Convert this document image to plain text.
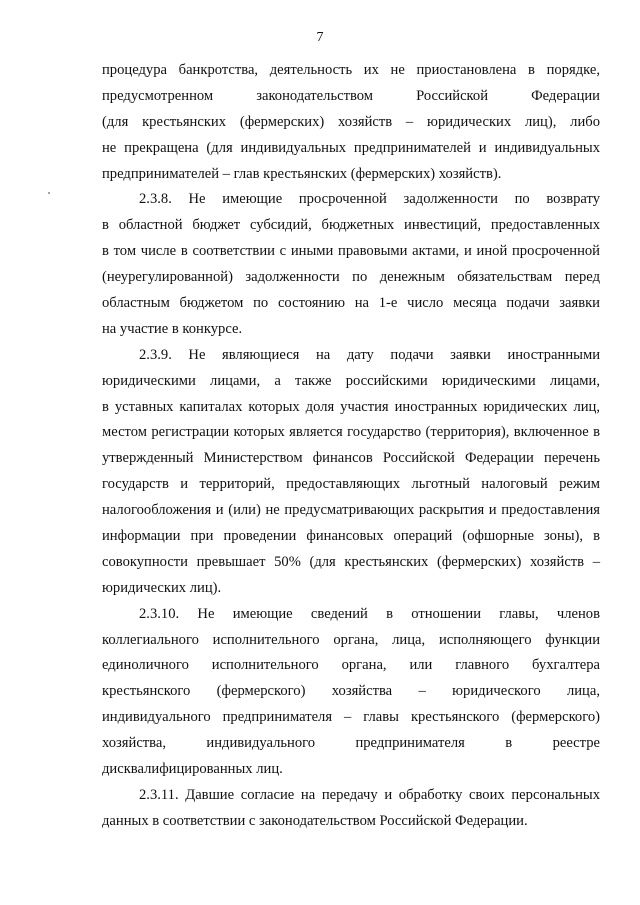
7
процедура банкротства, деятельность их не приостановлена в порядке,
предусмотренном законодательством Российской Федерации
(для крестьянских (фермерских) хозяйств – юридических лиц), либо
не прекращена (для индивидуальных предпринимателей и индивидуальных
предпринимателей – глав крестьянских (фермерских) хозяйств).
2.3.8. Не имеющие просроченной задолженности по возврату
в областной бюджет субсидий, бюджетных инвестиций, предоставленных
в том числе в соответствии с иными правовыми актами, и иной просроченной
(неурегулированной) задолженности по денежным обязательствам перед
областным бюджетом по состоянию на 1-е число месяца подачи заявки
на участие в конкурсе.
2.3.9. Не являющиеся на дату подачи заявки иностранными
юридическими лицами, а также российскими юридическими лицами,
в уставных капиталах которых доля участия иностранных юридических лиц,
местом регистрации которых является государство (территория), включенное в
утвержденный Министерством финансов Российской Федерации перечень
государств и территорий, предоставляющих льготный налоговый режим
налогообложения и (или) не предусматривающих раскрытия и предоставления
информации при проведении финансовых операций (офшорные зоны), в
совокупности превышает 50% (для крестьянских (фермерских) хозяйств –
юридических лиц).
2.3.10. Не имеющие сведений в отношении главы, членов
коллегиального исполнительного органа, лица, исполняющего функции
единоличного исполнительного органа, или главного бухгалтера
крестьянского (фермерского) хозяйства – юридического лица,
индивидуального предпринимателя – главы крестьянского (фермерского)
хозяйства, индивидуального предпринимателя в реестре
дисквалифицированных лиц.
2.3.11. Давшие согласие на передачу и обработку своих персональных
данных в соответствии с законодательством Российской Федерации.
